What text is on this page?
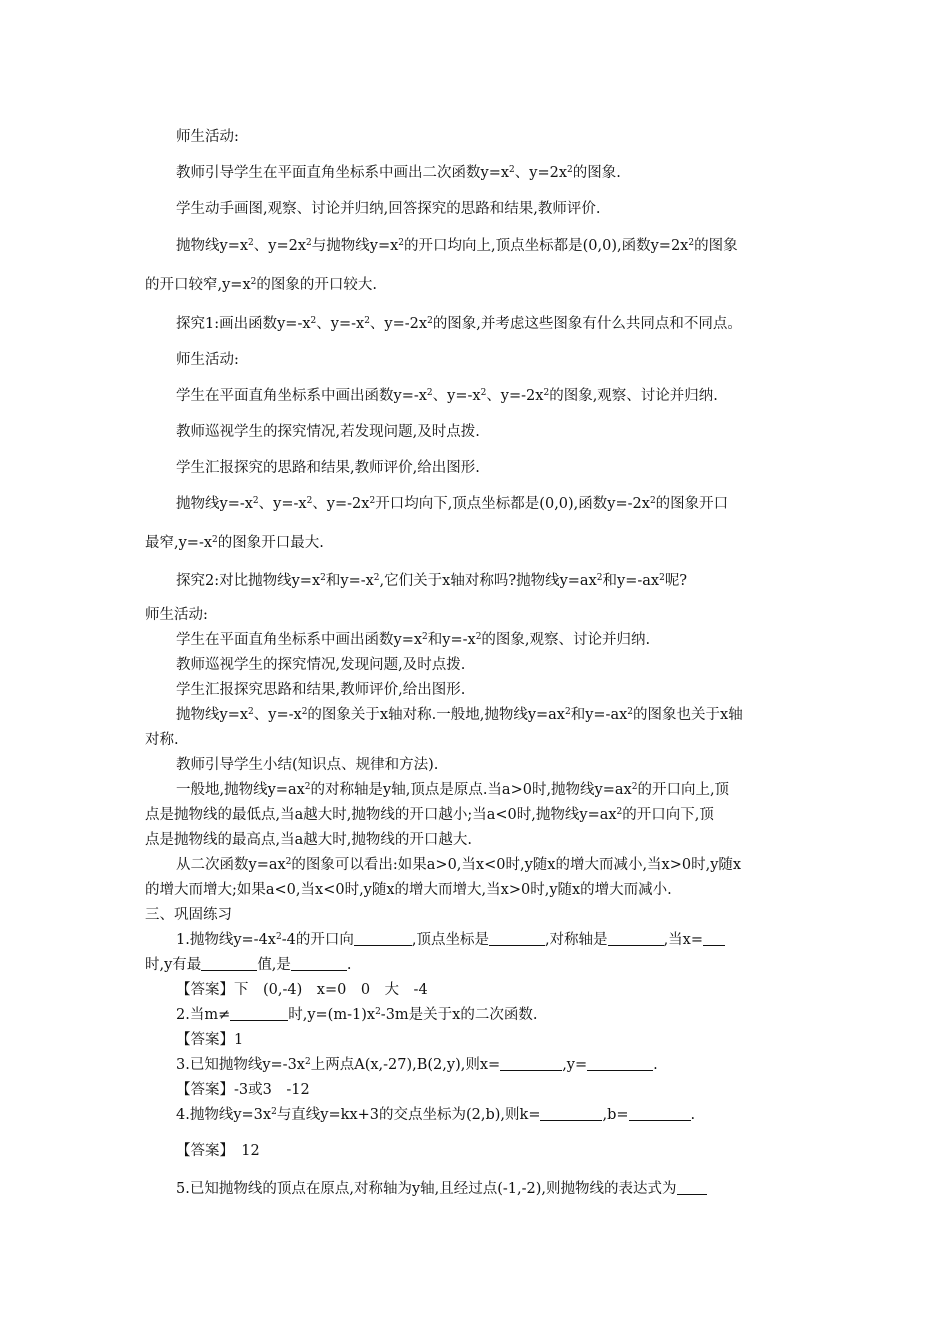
师生活动:
教师引导学生在平面直角坐标系中画出二次函数$y=x^2$、$y=2x^2$的图象.
学生动手画图,观察、讨论并归纳,回答探究的思路和结果,教师评价.
抛物线$y=x^2$、$y=2x^2$与抛物线$y=x^2$的开口均向上,顶点坐标都是(0,0),函数$y=2x^2$的图象
的开口较窄$,y=x^2$的图象的开口较大.
探究1:画出函数$y=-x^2$、$y=-x^2$、$y=-2x^2$的图象,并考虑这些图象有什么共同点和不同点。
师生活动:
学生在平面直角坐标系中画出函数$y=-x^2$、$y=-x^2$、$y=-2x^2$的图象,观察、讨论并归纳.
教师巡视学生的探究情况,若发现问题,及时点拨.
学生汇报探究的思路和结果,教师评价,给出图形.
抛物线$y=-x^2$、$y=-x^2$、$y=-2x^2$开口均向下,顶点坐标都是(0,0),函数$y=-2x^2$的图象开口
最窄$,y=-x^2$的图象开口最大.
探究2:对比抛物线$y=x^2$和$y=-x^2$,它们关于x轴对称吗?抛物线$y=ax^2$和$y=-ax^2$呢?
师生活动:
学生在平面直角坐标系中画出函数$y=x^2$和$y=-x^2$的图象,观察、讨论并归纳.
教师巡视学生的探究情况,发现问题,及时点拨.
学生汇报探究思路和结果,教师评价,给出图形.
抛物线$y=x^2$、$y=-x^2$的图象关于x轴对称.一般地,抛物线$y=ax^2$和$y=-ax^2$的图象也关于x轴
对称.
教师引导学生小结(知识点、规律和方法).
一般地,抛物线$y=ax^2$的对称轴是y轴,顶点是原点.当a>0时,抛物线$y=ax^2$的开口向上,顶
点是抛物线的最低点,当a越大时,抛物线的开口越小;当a<0时,抛物线$y=ax^2$的开口向下,顶
点是抛物线的最高点,当a越大时,抛物线的开口越大.
从二次函数$y=ax^2$的图象可以看出:如果a>0,当x<0时,y随x的增大而减小,当x>0时,y随x
的增大而增大;如果a<0,当x<0时,y随x的增大而增大,当x>0时,y随x的增大而减小.
三、巩固练习
1.抛物线$y=-4x^2-4$的开口向	,顶点坐标是	,对称轴是	,当x=
时,y有最	值,是	.
【答案】下　(0,-4)　x=0　0　大　-4
2.当m≠	时$,y=(m-1)x^2-3m$是关于x的二次函数.
【答案】1
3.已知抛物线$y=-3x^2$上两点A(x,-27),B(2,y),则x=	,y=	.
【答案】-3或3　-12
4.抛物线$y=3x^2$与直线y=kx+3的交点坐标为(2,b),则k=	,b=	.
【答案】　12
5.已知抛物线的顶点在原点,对称轴为y轴,且经过点(-1,-2),则抛物线的表达式为
